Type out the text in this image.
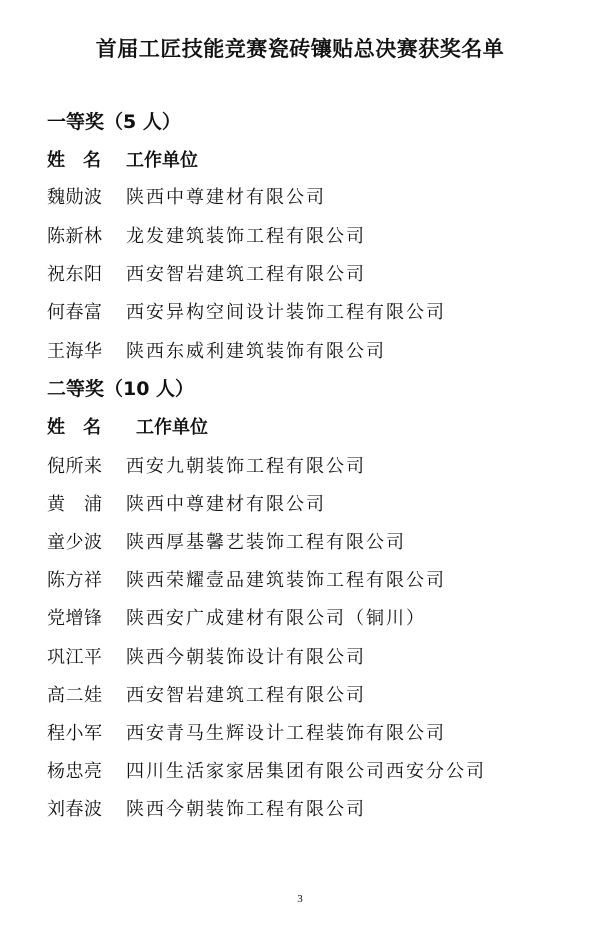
首届工匠技能竞赛瓷砖镶贴总决赛获奖名单
一等奖（5 人）
姓　名 工作单位
魏勋波 陕西中尊建材有限公司
陈新林 龙发建筑装饰工程有限公司
祝东阳 西安智岩建筑工程有限公司
何春富 西安异构空间设计装饰工程有限公司
王海华 陕西东威利建筑装饰有限公司
二等奖（10 人）
姓　名 工作单位
倪所来 西安九朝装饰工程有限公司
黄　浦 陕西中尊建材有限公司
童少波 陕西厚基馨艺装饰工程有限公司
陈方祥 陕西荣耀壹品建筑装饰工程有限公司
党增锋 陕西安广成建材有限公司（铜川）
巩江平 陕西今朝装饰设计有限公司
高二娃 西安智岩建筑工程有限公司
程小军 西安青马生辉设计工程装饰有限公司
杨忠亮 四川生活家家居集团有限公司西安分公司
刘春波 陕西今朝装饰工程有限公司
3
